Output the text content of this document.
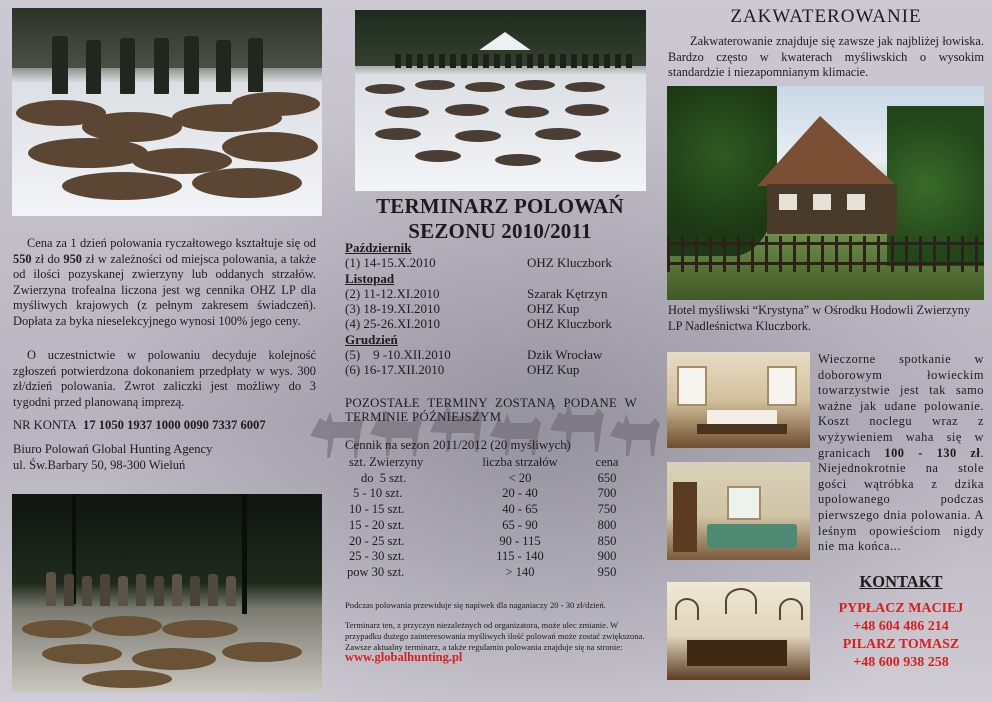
Cena za 1 dzień polowania ryczałtowego kształtuje się od 550 zł do 950 zł w zależności od miejsca polowania, a także od ilości pozyskanej zwierzyny lub oddanych strzałów. Zwierzyna trofealna liczona jest wg cennika OHZ LP dla myśliwych krajowych (z pełnym zakresem świadczeń). Dopłata za byka nieselekcyjnego wynosi 100% jego ceny.

O uczestnictwie w polowaniu decyduje kolejność zgłoszeń potwierdzona dokonaniem przedpłaty w wys. 300 zł/dzień polowania. Zwrot zaliczki jest możliwy do 3 tygodni przed planowaną imprezą.

NR KONTA 17 1050 1937 1000 0090 7337 6007
Biuro Polowań Global Hunting Agency
ul. Św.Barbary 50, 98-300 Wieluń
TERMINARZ POLOWAŃ
SEZONU 2010/2011
Październik
(1) 14-15.X.2010	OHZ Kluczbork
Listopad
(2) 11-12.XI.2010	Szarak Kętrzyn
(3) 18-19.XI.2010	OHZ Kup
(4) 25-26.XI.2010	OHZ Kluczbork
Grudzień
(5)    9 -10.XII.2010	Dzik Wrocław
(6) 16-17.XII.2010	OHZ Kup
POZOSTAŁE TERMINY ZOSTANĄ PODANE W TERMINIE PÓŹNIEJSZYM
Cennik na sezon 2011/2012 (20 myśliwych)
szt. Zwierzyny	liczba strzałów	cena
do  5 szt.	< 20	650
5 - 10 szt.	20 - 40	700
10 - 15 szt.	40 - 65	750
15 - 20 szt.	65 - 90	800
20 - 25 szt.	90 - 115	850
25 - 30 szt.	115 - 140	900
pow 30 szt.	> 140	950
Podczas polowania przewiduje się napiwek dla naganiaczy 20 - 30 zł/dzień.
Terminarz ten, z przyczyn niezależnych od organizatora, może ulec zmianie. W przypadku dużego zainteresowania myśliwych ilość polowań może zostać zwiększona. Zawsze aktualny terminarz, a także regulamin polowania znajduje się na stronie: www.globalhunting.pl
ZAKWATEROWANIE

Zakwaterowanie znajduje się zawsze jak najbliżej łowiska. Bardzo często w kwaterach myśliwskich o wysokim standardzie i niezapomnianym klimacie.

Hotel myśliwski “Krystyna” w Ośrodku Hodowli Zwierzyny LP Nadleśnictwa Kluczbork.

Wieczorne spotkanie w doborowym łowieckim towarzystwie jest tak samo ważne jak udane polowanie. Koszt noclegu wraz z wyżywieniem waha się w granicach 100 - 130 zł. Niejednokrotnie na stole gości wątróbka z dzika upolowanego podczas pierwszego dnia polowania. A leśnym opowieściom nigdy nie ma końca...

KONTAKT
PYPŁACZ MACIEJ
+48 604 486 214
PILARZ TOMASZ
+48 600 938 258
